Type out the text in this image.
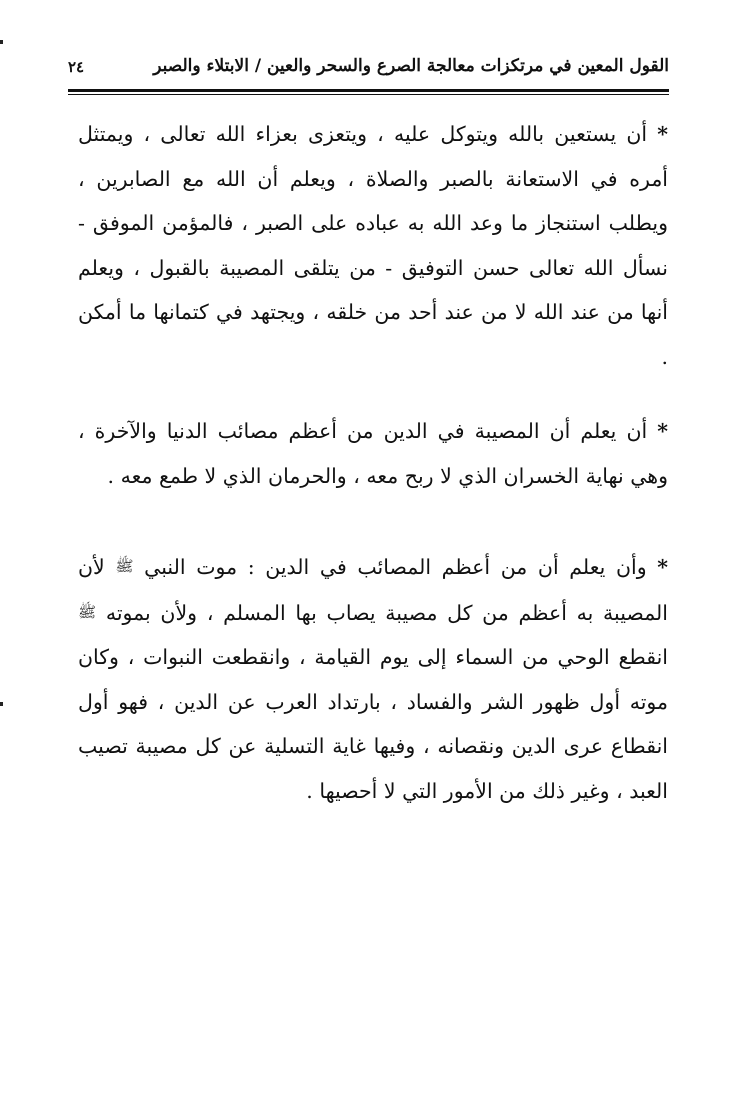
القول المعين في مرتكزات معالجة الصرع والسحر والعين / الابتلاء والصبر
٢٤

* أن يستعين بالله ويتوكل عليه ، ويتعزى بعزاء الله تعالى ، ويمتثل أمره في الاستعانة بالصبر والصلاة ، ويعلم أن الله مع الصابرين ، ويطلب استنجاز ما وعد الله به عباده على الصبر ، فالمؤمن الموفق - نسأل الله تعالى حسن التوفيق - من يتلقى المصيبة بالقبول ، ويعلم أنها من عند الله لا من عند أحد من خلقه ، ويجتهد في كتمانها ما أمكن .

* أن يعلم أن المصيبة في الدين من أعظم مصائب الدنيا والآخرة ، وهي نهاية الخسران الذي لا ربح معه ، والحرمان الذي لا طمع معه .

* وأن يعلم أن من أعظم المصائب في الدين : موت النبي ﷺ لأن المصيبة به أعظم من كل مصيبة يصاب بها المسلم ، ولأن بموته ﷺ انقطع الوحي من السماء إلى يوم القيامة ، وانقطعت النبوات ، وكان موته أول ظهور الشر والفساد ، بارتداد العرب عن الدين ، فهو أول انقطاع عرى الدين ونقصانه ، وفيها غاية التسلية عن كل مصيبة تصيب العبد ، وغير ذلك من الأمور التي لا أحصيها .
